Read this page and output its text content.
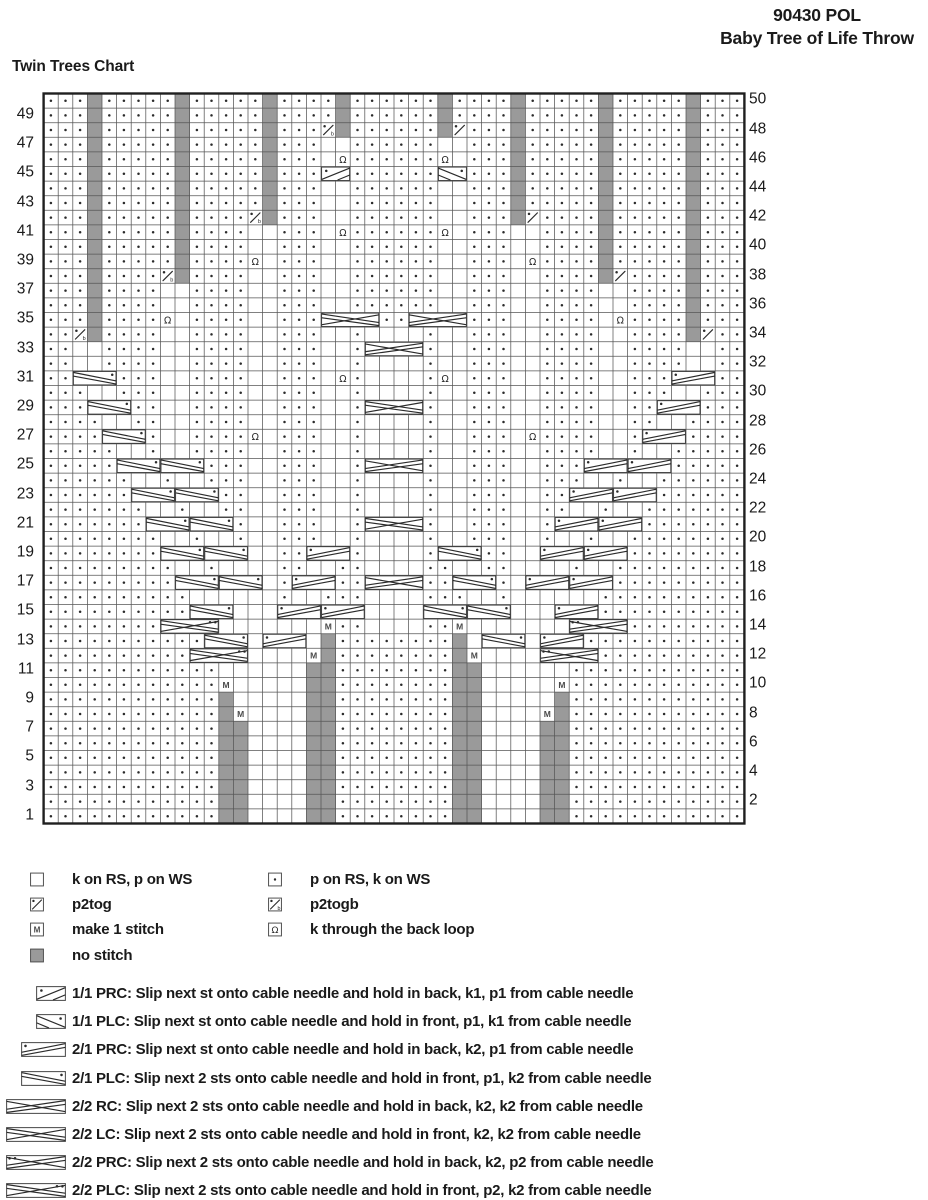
90430 POL
Baby Tree of Life Throw
Twin Trees Chart
49
47
45
43
41
39
37
35
33
31
29
27
25
23
21
19
17
15
13
11
9
7
5
3
1
b
Ω	Ω
b
Ω	Ω
Ω	Ω
b
Ω	Ω
b
Ω	Ω
Ω	Ω
M	M
M	M
M	M
M	M
50
48
46
44
42
40
38
36
34
32
30
28
26
24
22
20
18
16
14
12
10
8
6
4
2
k on RS, p on WS
p2tog
M make 1 stitch
no stitch
p on RS, k on WS
b p2togb
Ω k through the back loop
1/1 PRC: Slip next st onto cable needle and hold in back, k1, p1 from cable needle
1/1 PLC: Slip next st onto cable needle and hold in front, p1, k1 from cable needle
2/1 PRC: Slip next st onto cable needle and hold in back, k2, p1 from cable needle
2/1 PLC: Slip next 2 sts onto cable needle and hold in front, p1, k2 from cable needle
2/2 RC: Slip next 2 sts onto cable needle and hold in back, k2, k2 from cable needle
2/2 LC: Slip next 2 sts onto cable needle and hold in front, k2, k2 from cable needle
2/2 PRC: Slip next 2 sts onto cable needle and hold in back, k2, p2 from cable needle
2/2 PLC: Slip next 2 sts onto cable needle and hold in front, p2, k2 from cable needle
